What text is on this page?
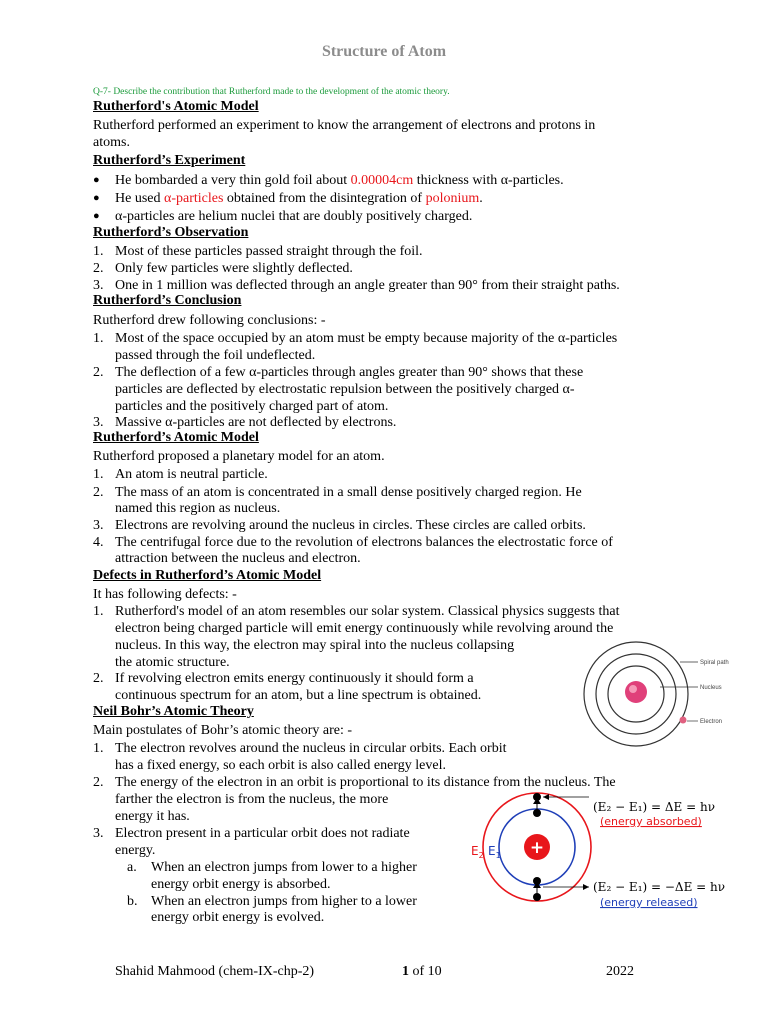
Structure of Atom
Q-7- Describe the contribution that Rutherford made to the development of the atomic theory.
Rutherford's Atomic Model
Rutherford performed an experiment to know the arrangement of electrons and protons in
atoms.
Rutherford’s Experiment
● He bombarded a very thin gold foil about 0.00004cm thickness with α-particles.
● He used α-particles obtained from the disintegration of polonium.
● α-particles are helium nuclei that are doubly positively charged.
Rutherford’s Observation
1. Most of these particles passed straight through the foil.
2. Only few particles were slightly deflected.
3. One in 1 million was deflected through an angle greater than 90° from their straight paths.
Rutherford’s Conclusion
Rutherford drew following conclusions: -
1. Most of the space occupied by an atom must be empty because majority of the α-particles
passed through the foil undeflected.
2. The deflection of a few α-particles through angles greater than 90° shows that these
particles are deflected by electrostatic repulsion between the positively charged α-
particles and the positively charged part of atom.
3. Massive α-particles are not deflected by electrons.
Rutherford’s Atomic Model
Rutherford proposed a planetary model for an atom.
1. An atom is neutral particle.
2. The mass of an atom is concentrated in a small dense positively charged region. He
named this region as nucleus.
3. Electrons are revolving around the nucleus in circles. These circles are called orbits.
4. The centrifugal force due to the revolution of electrons balances the electrostatic force of
attraction between the nucleus and electron.
Defects in Rutherford’s Atomic Model
It has following defects: -
1. Rutherford's model of an atom resembles our solar system. Classical physics suggests that
electron being charged particle will emit energy continuously while revolving around the
nucleus. In this way, the electron may spiral into the nucleus collapsing
the atomic structure.
2. If revolving electron emits energy continuously it should form a
continuous spectrum for an atom, but a line spectrum is obtained.
Spiral path
Nucleus
Electron
Neil Bohr’s Atomic Theory
Main postulates of Bohr’s atomic theory are: -
1. The electron revolves around the nucleus in circular orbits. Each orbit
has a fixed energy, so each orbit is also called energy level.
2. The energy of the electron in an orbit is proportional to its distance from the nucleus. The
farther the electron is from the nucleus, the more
energy it has.
3. Electron present in a particular orbit does not radiate
energy.
a. When an electron jumps from lower to a higher
energy orbit energy is absorbed.
b. When an electron jumps from higher to a lower
energy orbit energy is evolved.
+
$E_2$ $E_1$
(E₂ − E₁) = ΔE = hν
(energy absorbed)
(E₂ − E₁) = −ΔE = hν
(energy released)
Shahid Mahmood (chem-IX-chp-2)	1 of 10	2022
